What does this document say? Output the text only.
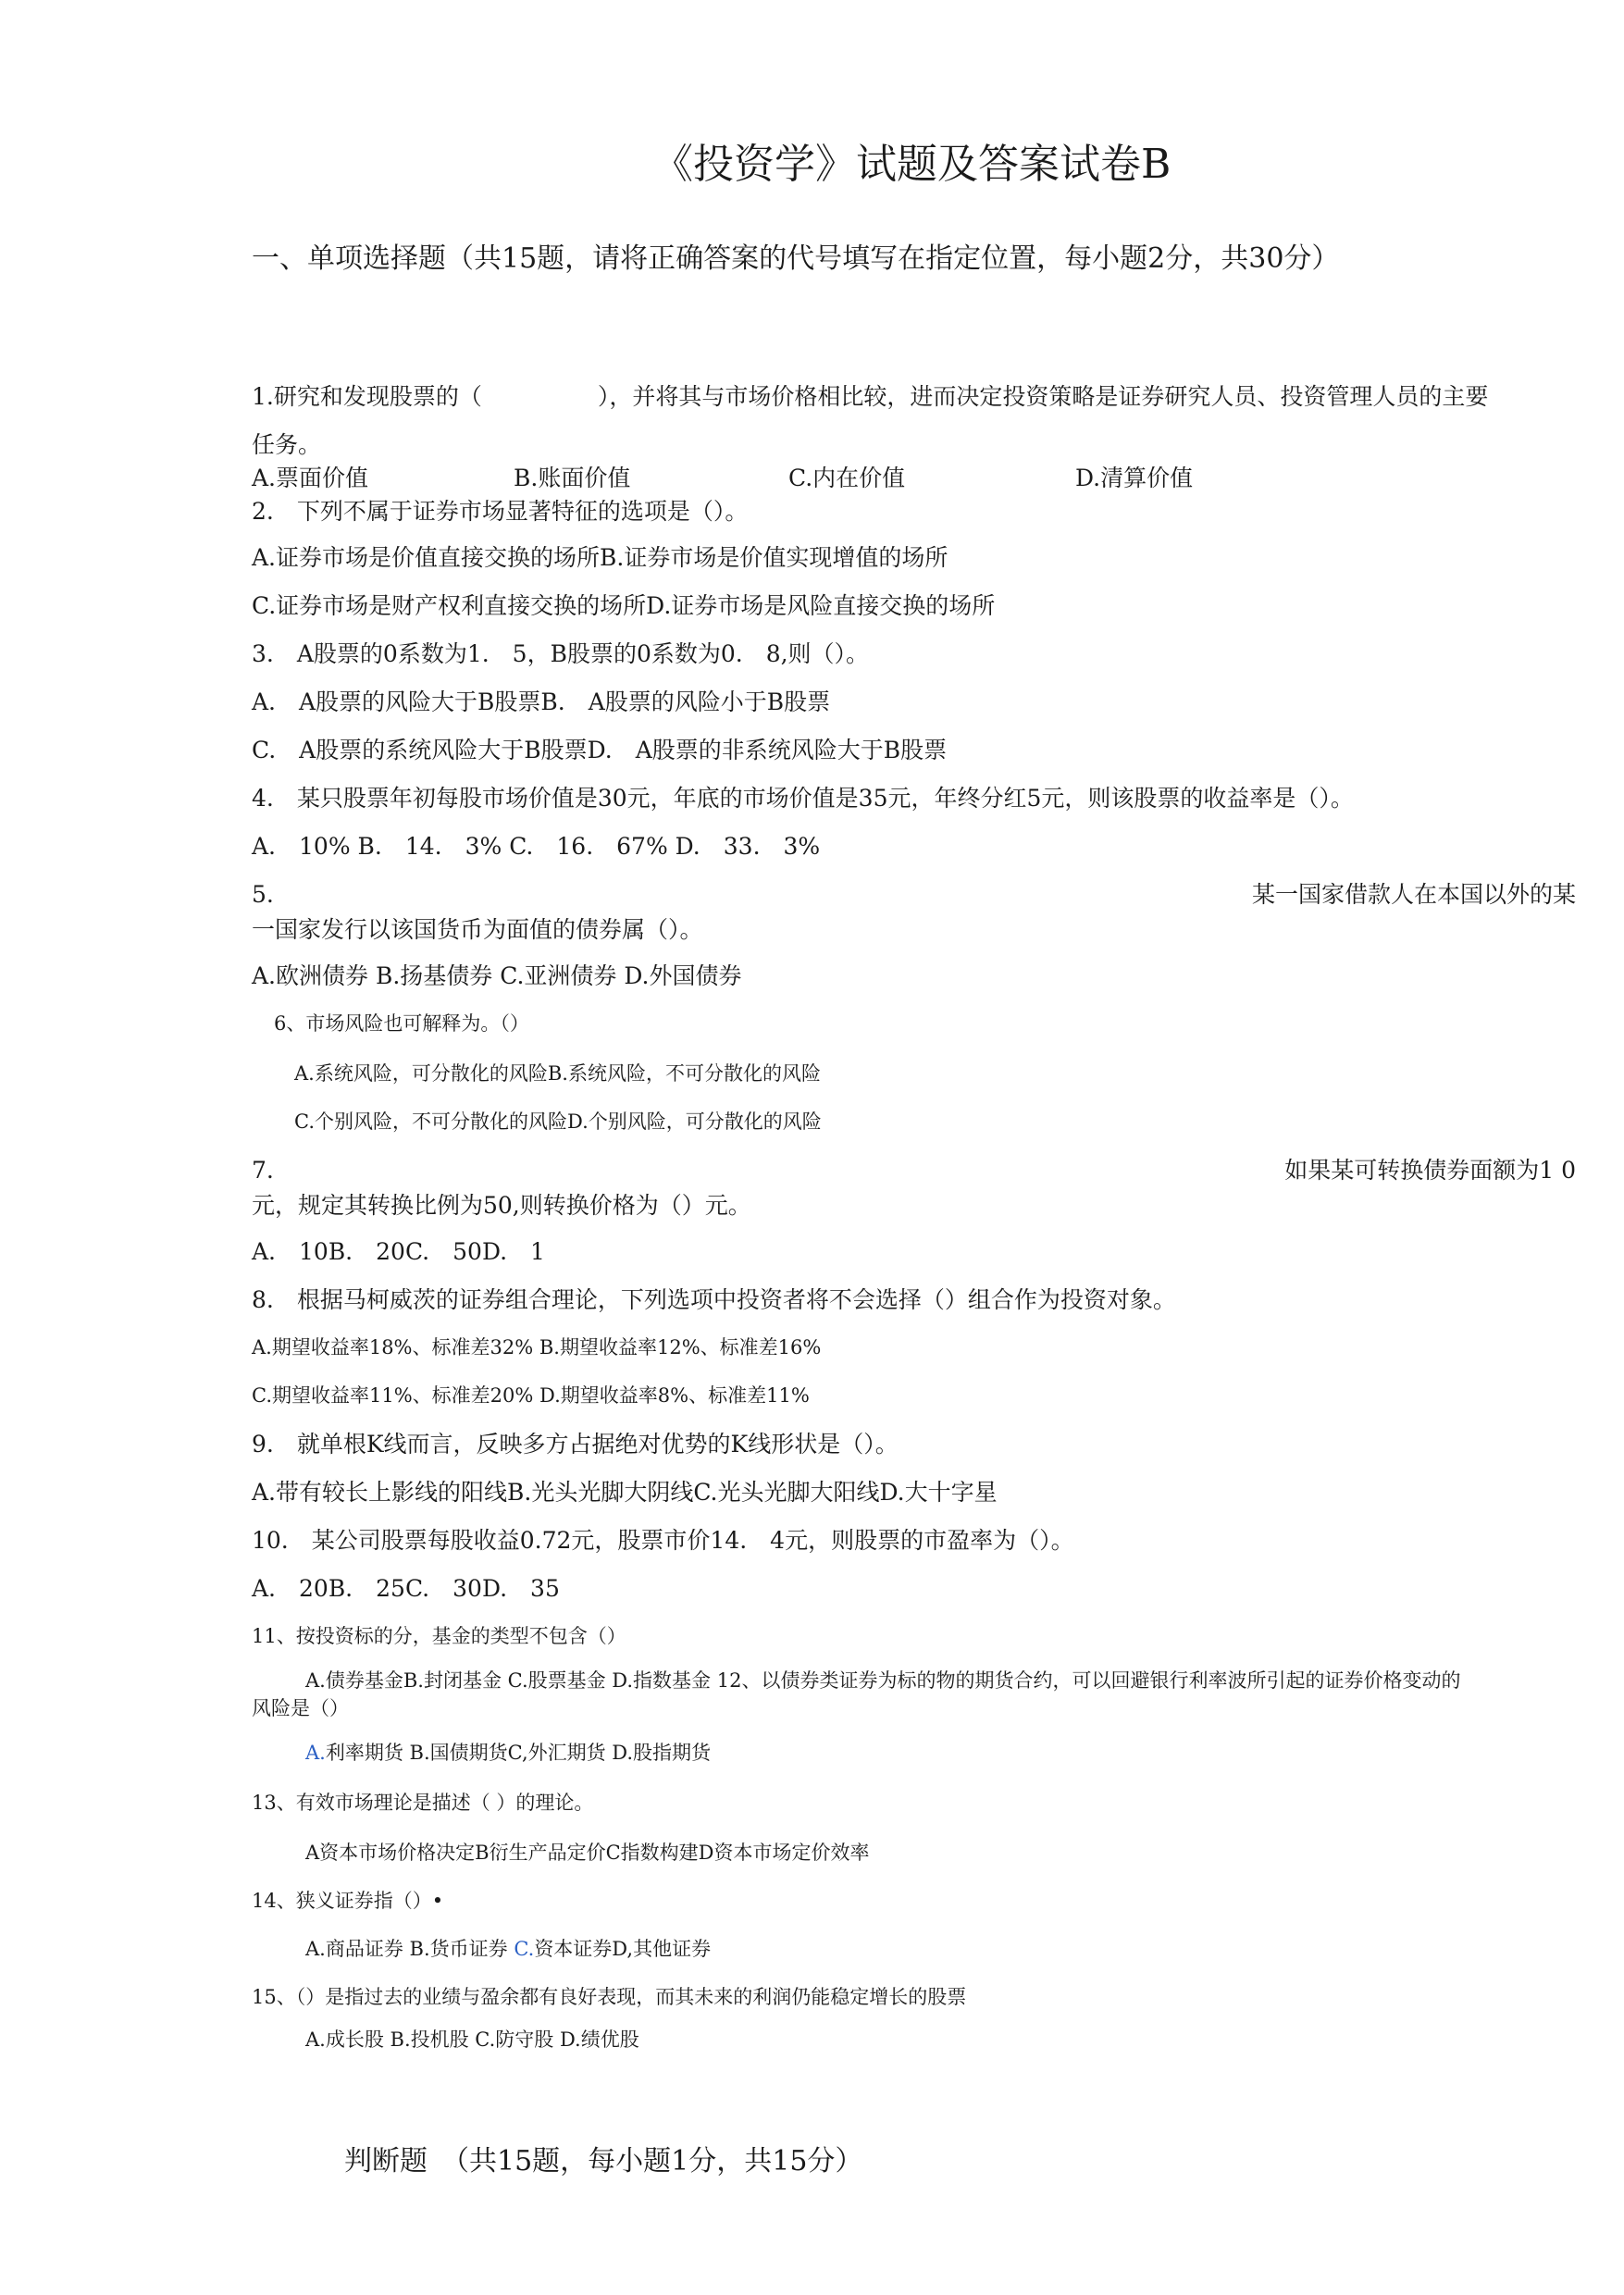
《投资学》试题及答案试卷B
一、单项选择题（共15题，请将正确答案的代号填写在指定位置，每小题2分，共30分）
1.研究和发现股票的（　　　　　），并将其与市场价格相比较，进而决定投资策略是证券研究人员、投资管理人员的主要
任务。
A.票面价值	B.账面价值	C.内在价值	D.清算价值
2.　下列不属于证券市场显著特征的选项是（）。
A.证券市场是价值直接交换的场所B.证券市场是价值实现增值的场所
C.证券市场是财产权利直接交换的场所D.证券市场是风险直接交换的场所
3.　A股票的0系数为1.　5，B股票的0系数为0.　8,则（）。
A.　A股票的风险大于B股票B.　A股票的风险小于B股票
C.　A股票的系统风险大于B股票D.　A股票的非系统风险大于B股票
4.　某只股票年初每股市场价值是30元，年底的市场价值是35元，年终分红5元，则该股票的收益率是（）。
A.　10% B.　14.　3% C.　16.　67% D.　33.　3%
5.	某一国家借款人在本国以外的某
一国家发行以该国货币为面值的债券属（）。
A.欧洲债券 B.扬基债券 C.亚洲债券 D.外国债券
6、市场风险也可解释为。（）
A.系统风险，可分散化的风险B.系统风险，不可分散化的风险
C.个别风险，不可分散化的风险D.个别风险，可分散化的风险
7.	如果某可转换债券面额为1 0
元，规定其转换比例为50,则转换价格为（）元。
A.　10B.　20C.　50D.　1
8.　根据马柯威茨的证券组合理论，下列选项中投资者将不会选择（）组合作为投资对象。
A.期望收益率18%、标准差32% B.期望收益率12%、标准差16%
C.期望收益率11%、标准差20% D.期望收益率8%、标准差11%
9.　就单根K线而言，反映多方占据绝对优势的K线形状是（）。
A.带有较长上影线的阳线B.光头光脚大阴线C.光头光脚大阳线D.大十字星
10.　某公司股票每股收益0.72元，股票市价14.　4元，则股票的市盈率为（）。
A.　20B.　25C.　30D.　35
11、按投资标的分，基金的类型不包含（）
A.债券基金B.封闭基金 C.股票基金 D.指数基金 12、以债券类证券为标的物的期货合约，可以回避银行利率波所引起的证券价格变动的
风险是（）
A.利率期货 B.国债期货C,外汇期货 D.股指期货
13、有效市场理论是描述（ ）的理论。
A资本市场价格决定B衍生产品定价C指数构建D资本市场定价效率
14、狭义证券指（）•
A.商品证券 B.货币证券 C.资本证券D,其他证券
15、（）是指过去的业绩与盈余都有良好表现，而其未来的利润仍能稳定增长的股票
A.成长股 B.投机股 C.防守股 D.绩优股
判断题　（共15题，每小题1分，共15分）
